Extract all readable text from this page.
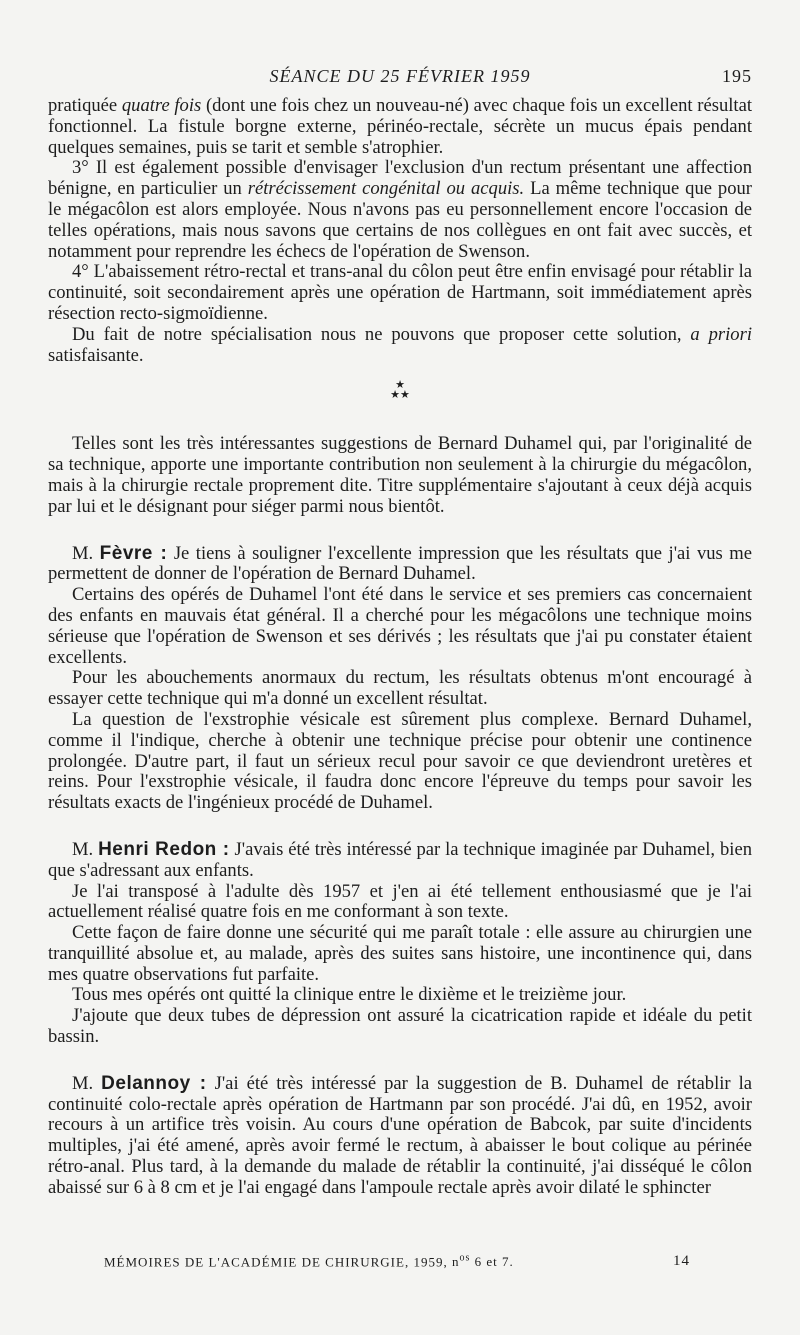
SÉANCE DU 25 FÉVRIER 1959	195

pratiquée quatre fois (dont une fois chez un nouveau-né) avec chaque fois un excellent résultat fonctionnel. La fistule borgne externe, périnéo-rectale, sécrète un mucus épais pendant quelques semaines, puis se tarit et semble s'atrophier.

3° Il est également possible d'envisager l'exclusion d'un rectum présentant une affection bénigne, en particulier un rétrécissement congénital ou acquis. La même technique que pour le mégacôlon est alors employée. Nous n'avons pas eu personnellement encore l'occasion de telles opérations, mais nous savons que certains de nos collègues en ont fait avec succès, et notamment pour reprendre les échecs de l'opération de Swenson.

4° L'abaissement rétro-rectal et trans-anal du côlon peut être enfin envisagé pour rétablir la continuité, soit secondairement après une opération de Hartmann, soit immédiatement après résection recto-sigmoïdienne.

Du fait de notre spécialisation nous ne pouvons que proposer cette solution, a priori satisfaisante.

★
★★

Telles sont les très intéressantes suggestions de Bernard Duhamel qui, par l'originalité de sa technique, apporte une importante contribution non seulement à la chirurgie du mégacôlon, mais à la chirurgie rectale proprement dite. Titre supplémentaire s'ajoutant à ceux déjà acquis par lui et le désignant pour siéger parmi nous bientôt.

M. Fèvre : Je tiens à souligner l'excellente impression que les résultats que j'ai vus me permettent de donner de l'opération de Bernard Duhamel.

Certains des opérés de Duhamel l'ont été dans le service et ses premiers cas concernaient des enfants en mauvais état général. Il a cherché pour les mégacôlons une technique moins sérieuse que l'opération de Swenson et ses dérivés ; les résultats que j'ai pu constater étaient excellents.

Pour les abouchements anormaux du rectum, les résultats obtenus m'ont encouragé à essayer cette technique qui m'a donné un excellent résultat.

La question de l'exstrophie vésicale est sûrement plus complexe. Bernard Duhamel, comme il l'indique, cherche à obtenir une technique précise pour obtenir une continence prolongée. D'autre part, il faut un sérieux recul pour savoir ce que deviendront uretères et reins. Pour l'exstrophie vésicale, il faudra donc encore l'épreuve du temps pour savoir les résultats exacts de l'ingénieux procédé de Duhamel.

M. Henri Redon : J'avais été très intéressé par la technique imaginée par Duhamel, bien que s'adressant aux enfants.

Je l'ai transposé à l'adulte dès 1957 et j'en ai été tellement enthousiasmé que je l'ai actuellement réalisé quatre fois en me conformant à son texte.

Cette façon de faire donne une sécurité qui me paraît totale : elle assure au chirurgien une tranquillité absolue et, au malade, après des suites sans histoire, une incontinence qui, dans mes quatre observations fut parfaite.

Tous mes opérés ont quitté la clinique entre le dixième et le treizième jour.

J'ajoute que deux tubes de dépression ont assuré la cicatrication rapide et idéale du petit bassin.

M. Delannoy : J'ai été très intéressé par la suggestion de B. Duhamel de rétablir la continuité colo-rectale après opération de Hartmann par son procédé. J'ai dû, en 1952, avoir recours à un artifice très voisin. Au cours d'une opération de Babcok, par suite d'incidents multiples, j'ai été amené, après avoir fermé le rectum, à abaisser le bout colique au périnée rétro-anal. Plus tard, à la demande du malade de rétablir la continuité, j'ai disséqué le côlon abaissé sur 6 à 8 cm et je l'ai engagé dans l'ampoule rectale après avoir dilaté le sphincter

MÉMOIRES DE L'ACADÉMIE DE CHIRURGIE, 1959, $n^{os}$ 6 et 7.	14
